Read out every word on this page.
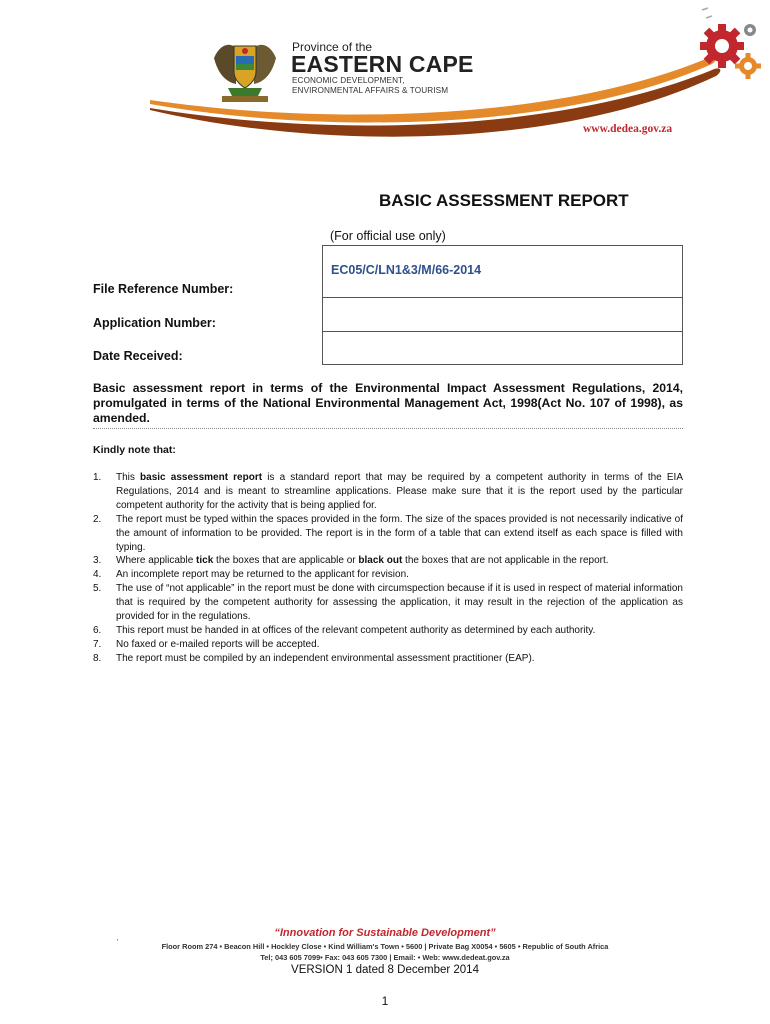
Province of the
EASTERN CAPE
ECONOMIC DEVELOPMENT,
ENVIRONMENTAL AFFAIRS & TOURISM
www.dedea.gov.za
BASIC ASSESSMENT REPORT
(For official use only)
EC05/C/LN1&3/M/66-2014
File Reference Number:
Application Number:
Date Received:
Basic assessment report in terms of the Environmental Impact Assessment Regulations, 2014, promulgated in terms of the National Environmental Management Act, 1998(Act No. 107 of 1998), as amended.
Kindly note that:
1. This basic assessment report is a standard report that may be required by a competent authority in terms of the EIA Regulations, 2014 and is meant to streamline applications. Please make sure that it is the report used by the particular competent authority for the activity that is being applied for.
2. The report must be typed within the spaces provided in the form. The size of the spaces provided is not necessarily indicative of the amount of information to be provided. The report is in the form of a table that can extend itself as each space is filled with typing.
3. Where applicable tick the boxes that are applicable or black out the boxes that are not applicable in the report.
4. An incomplete report may be returned to the applicant for revision.
5. The use of “not applicable” in the report must be done with circumspection because if it is used in respect of material information that is required by the competent authority for assessing the application, it may result in the rejection of the application as provided for in the regulations.
6. This report must be handed in at offices of the relevant competent authority as determined by each authority.
7. No faxed or e-mailed reports will be accepted.
8. The report must be compiled by an independent environmental assessment practitioner (EAP).
“Innovation for Sustainable Development”
'	Floor Room 274 • Beacon Hill • Hockley Close • Kind William's Town • 5600 | Private Bag X0054 • 5605 • Republic of South Africa
Tel; 043 605 7099• Fax: 043 605 7300 | Email: • Web: www.dedeat.gov.za
VERSION 1 dated 8 December 2014
1
